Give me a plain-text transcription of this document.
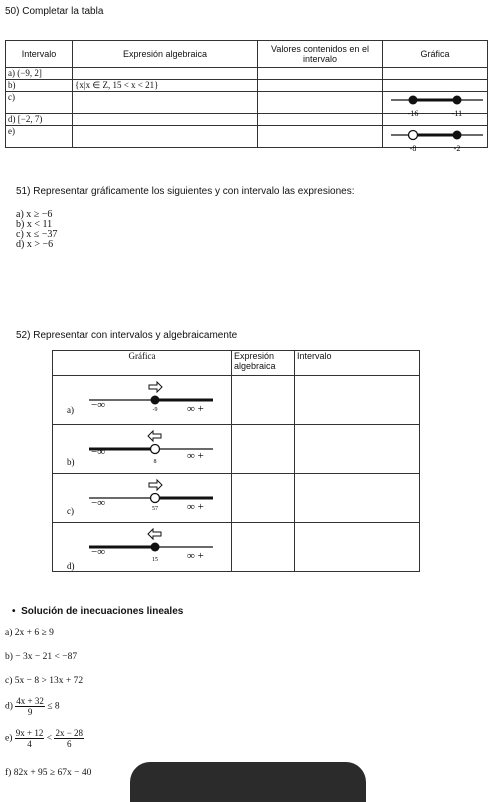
50) Completar la tabla
Intervalo	Expresión algebraica	Valores contenidos en el intervalo	Gráfica
a) (−9, 2]			
b)	{x|x ∈ Z, 15 < x < 21}		
c)			-16 -11

d) [−2, 7)			
e)			-8 -2
51) Representar gráficamente los siguientes y con intervalo las expresiones:
a) x ≥ −6
b) x < 11
c) x ≤ −37
d) x > −6
52) Representar con intervalos y algebraicamente
Gráfica	Expresión algebraica	Intervalo

a) −∞ ∞ +
-9		

b)
−∞ ∞ +
8		

c)
−∞ ∞ +
57		

d)
−∞ ∞ +
15		

•  Solución de inecuaciones lineales
a) 2x + 6 ≥ 9
b) − 3x − 21 < −87
c) 5x − 8 > 13x + 72
$d) \frac{4x + 32}{9} \le 8$
$e) \frac{9x + 12}{4} < \frac{2x - 28}{6}$
f) 82x + 95 ≥ 67x − 40
